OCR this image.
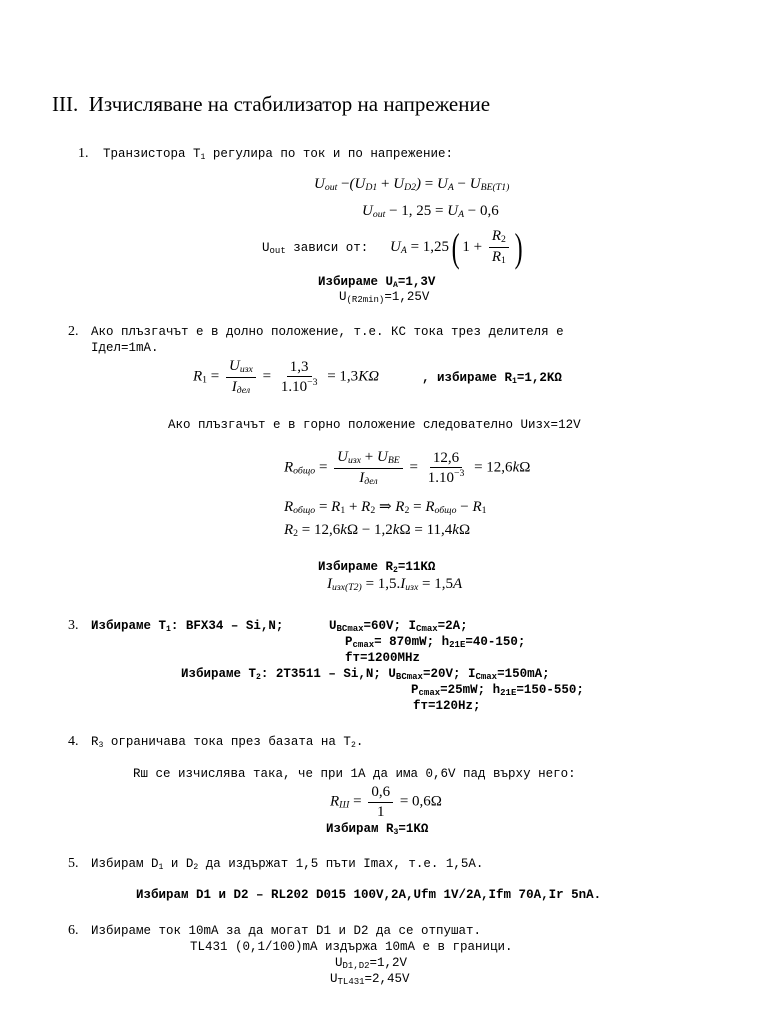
III. Изчисляване на стабилизатор на напрежение
1. Транзистора $T_1$ регулира по ток и по напрежение:
$U_{out} -(U_{D1} + U_{D2}) = U_A - U_{BE(T1)}$
$U_{out} - 1$, $25 = U_A - 0,6$
$U_{out}$ зависи от: $U_A = 1,25$( $1 + \frac{R_2}{R_1}$ )
Избираме $U_A=1,3V$
$U_{(R2min)}=1,25V$
2. Ако плъзгачът е в долно положение, т.е. КС тока трез делителя е
Iдел=1mA.
$R_1 = \frac{U_{изх}}{I_{дел}} = \frac{1,3}{1.10^{-3}} = 1,3K\Omega$	, избираме $R_1=1,2K\Omega$
Ако плъзгачът е в горно положение следователно Uизх=12V
$R_{общо} = \frac{U_{изх} + U_{BE}}{I_{дел}} = \frac{12,6}{1.10^{-3}} = 12,6k\Omega$
$R_{общо} = R_1 + R_2$ ⇒ $R_2 = R_{общо} - R_1$
$R_2 = 12,6k\Omega - 1,2k\Omega = 11,4k\Omega$
Избираме $R_2=11K\Omega$
$I_{изх(T2)} = 1,5.I_{изх} = 1,5A$
3. Избираме $T_1$: BFX34 – Si,N;	$U_{BCmax}=60V$; $I_{Cmax}=2A$;
$P_{cmax}= 870mW$; $h_{21E}=40-150$;
fт=1200MHz
Избираме $T_2$: 2T3511 – Si,N; $U_{BCmax}=20V$; $I_{Cmax}=150mA$;
$P_{cmax}=25mW$; $h_{21E}=150-550$;
fт=120Hz;
4. $R_3$ ограничава тока през базата на $T_2$.
Rш се изчислява така, че при 1A да има 0,6V пад върху него:
$R_Ш = \frac{0,6}{1} = 0,6\Omega$
Избирам $R_3=1K\Omega$
5. Избирам $D_1$ и $D_2$ да издържат 1,5 пъти Imax, т.е. 1,5A.
Избирам D1 и D2 – RL202 D015 100V,2A,Ufm 1V/2A,Ifm 70A,Ir 5nA.
6. Избираме ток 10mA за да могат D1 и D2 да се отпушат.
TL431 (0,1/100)mA издържа 10mA е в граници.
$U_{D1,D2}=1,2V$
$U_{TL431}=2,45V$
